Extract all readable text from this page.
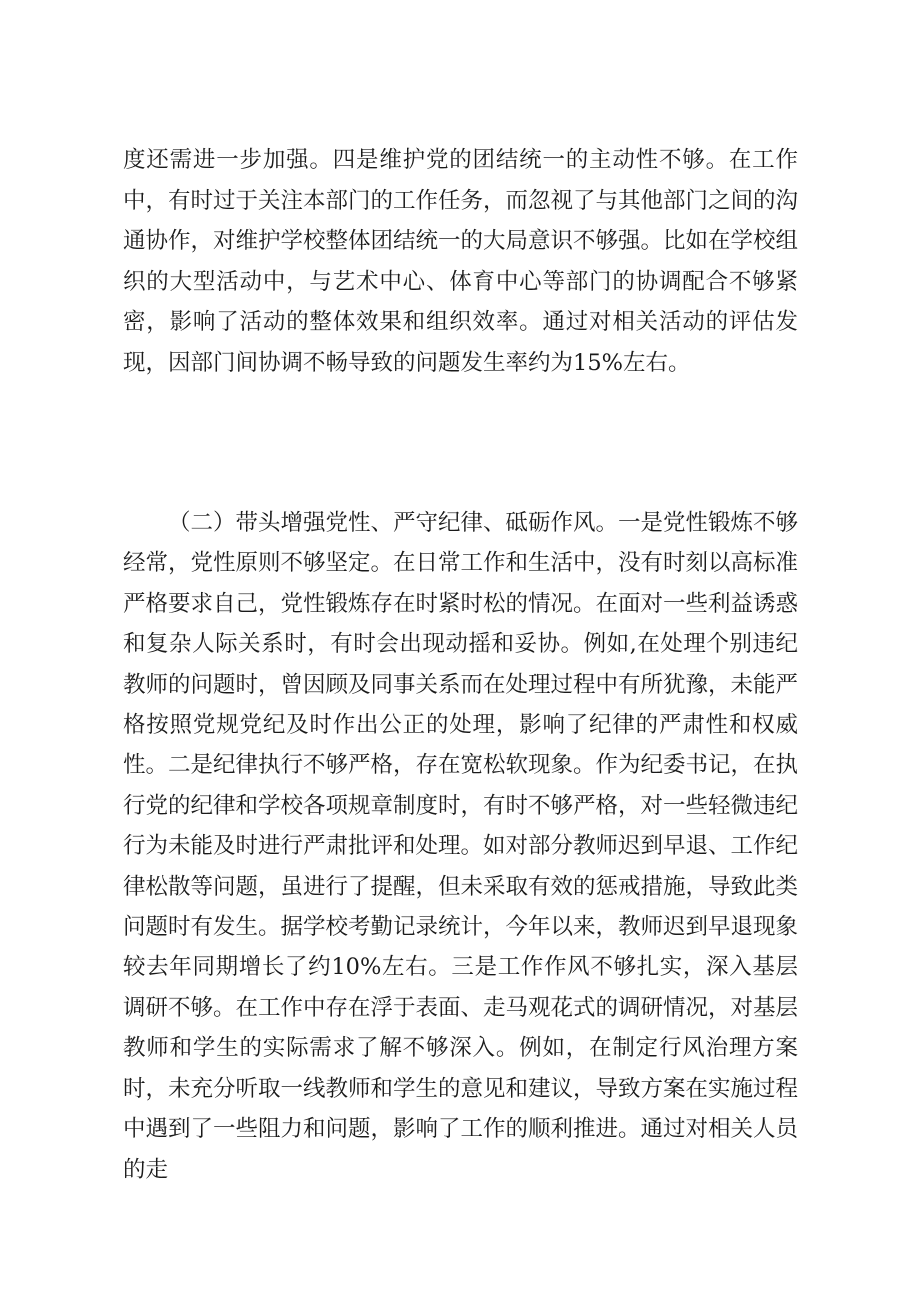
度还需进一步加强。四是维护党的团结统一的主动性不够。在工作中，有时过于关注本部门的工作任务，而忽视了与其他部门之间的沟通协作，对维护学校整体团结统一的大局意识不够强。比如在学校组织的大型活动中，与艺术中心、体育中心等部门的协调配合不够紧密，影响了活动的整体效果和组织效率。通过对相关活动的评估发现，因部门间协调不畅导致的问题发生率约为15%左右。

（二）带头增强党性、严守纪律、砥砺作风。一是党性锻炼不够经常，党性原则不够坚定。在日常工作和生活中，没有时刻以高标准严格要求自己，党性锻炼存在时紧时松的情况。在面对一些利益诱惑和复杂人际关系时，有时会出现动摇和妥协。例如,在处理个别违纪教师的问题时，曾因顾及同事关系而在处理过程中有所犹豫，未能严格按照党规党纪及时作出公正的处理，影响了纪律的严肃性和权威性。二是纪律执行不够严格，存在宽松软现象。作为纪委书记，在执行党的纪律和学校各项规章制度时，有时不够严格，对一些轻微违纪行为未能及时进行严肃批评和处理。如对部分教师迟到早退、工作纪律松散等问题，虽进行了提醒，但未采取有效的惩戒措施，导致此类问题时有发生。据学校考勤记录统计，今年以来，教师迟到早退现象较去年同期增长了约10%左右。三是工作作风不够扎实，深入基层调研不够。在工作中存在浮于表面、走马观花式的调研情况，对基层教师和学生的实际需求了解不够深入。例如，在制定行风治理方案时，未充分听取一线教师和学生的意见和建议，导致方案在实施过程中遇到了一些阻力和问题，影响了工作的顺利推进。通过对相关人员的走
